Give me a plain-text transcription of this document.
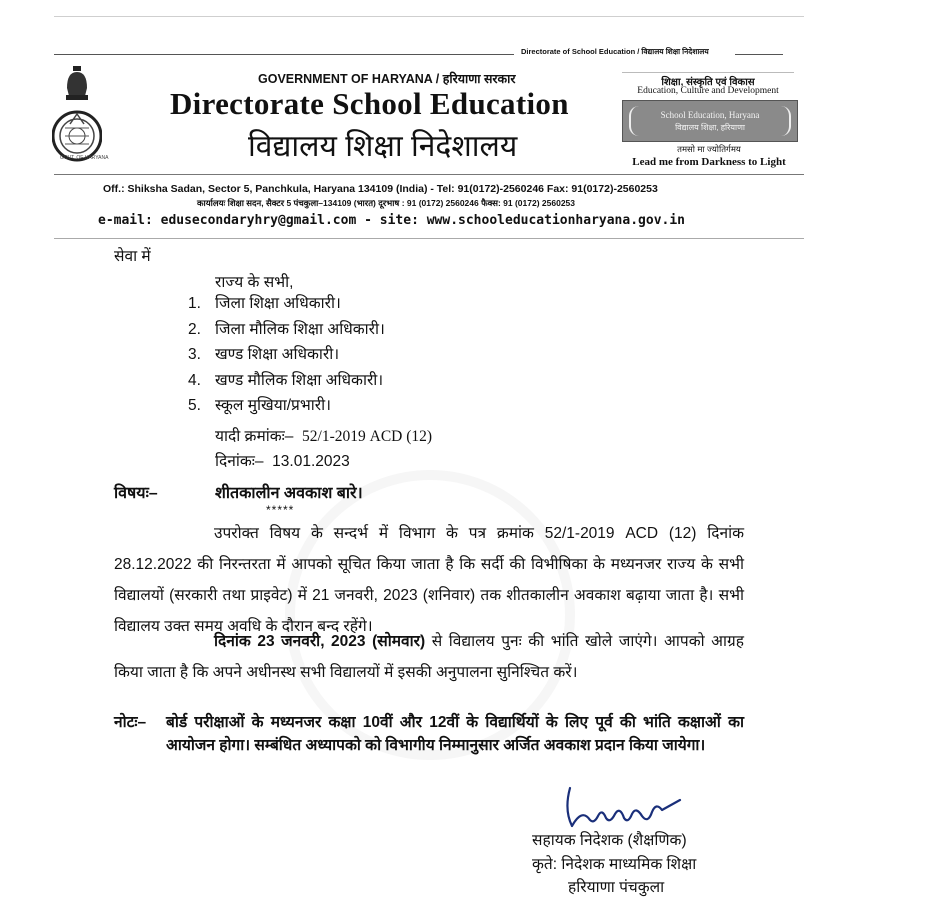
Directorate of School Education / विद्यालय शिक्षा निदेशालय
GOVT. OF HARYANA
GOVERNMENT OF HARYANA / हरियाणा सरकार
Directorate School Education
विद्यालय शिक्षा निदेशालय
शिक्षा, संस्कृति एवं विकास
Education, Culture and Development
School Education, Haryana
विद्यालय शिक्षा, हरियाणा
तमसो मा ज्योतिर्गमय
Lead me from Darkness to Light
Off.: Shiksha Sadan, Sector 5, Panchkula, Haryana 134109 (India) - Tel: 91(0172)-2560246 Fax: 91(0172)-2560253
कार्यालयः शिक्षा सदन, सैक्टर 5 पंचकुला–134109 (भारत) दूरभाष : 91 (0172) 2560246 फैक्स: 91 (0172) 2560253
e-mail: edusecondaryhry@gmail.com - site: www.schooleducationharyana.gov.in
सेवा में
राज्य के सभी,
1. जिला शिक्षा अधिकारी।
2. जिला मौलिक शिक्षा अधिकारी।
3. खण्ड शिक्षा अधिकारी।
4. खण्ड मौलिक शिक्षा अधिकारी।
5. स्कूल मुखिया/प्रभारी।
यादी क्रमांकः– 52/1-2019 ACD (12)
दिनांकः– 13.01.2023
विषयः–	शीतकालीन अवकाश बारे।
*****
उपरोक्त विषय के सन्दर्भ में विभाग के पत्र क्रमांक 52/1-2019 ACD (12) दिनांक 28.12.2022 की निरन्तरता में आपको सूचित किया जाता है कि सर्दी की विभीषिका के मध्यनजर राज्य के सभी विद्यालयों (सरकारी तथा प्राइवेट) में 21 जनवरी, 2023 (शनिवार) तक शीतकालीन अवकाश बढ़ाया जाता है। सभी विद्यालय उक्त समय अवधि के दौरान बन्द रहेंगे।
दिनांक 23 जनवरी, 2023 (सोमवार) से विद्यालय पुनः की भांति खोले जाएंगे। आपको आग्रह किया जाता है कि अपने अधीनस्थ सभी विद्यालयों में इसकी अनुपालना सुनिश्चित करें।
नोटः– बोर्ड परीक्षाओं के मध्यनजर कक्षा 10वीं और 12वीं के विद्यार्थियों के लिए पूर्व की भांति कक्षाओं का आयोजन होगा। सम्बंधित अध्यापको को विभागीय निम्मानुसार अर्जित अवकाश प्रदान किया जायेगा।
सहायक निदेशक (शैक्षणिक)
कृते: निदेशक माध्यमिक शिक्षा
हरियाणा पंचकुला
